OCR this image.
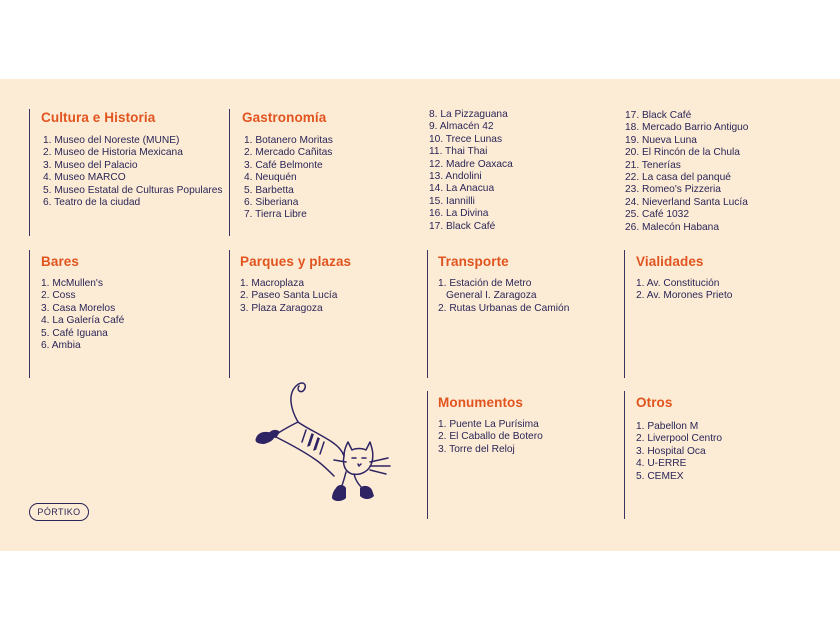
Cultura e Historia
1. Museo del Noreste (MUNE)
2. Museo de Historia Mexicana
3. Museo del Palacio
4. Museo MARCO
5. Museo Estatal de Culturas Populares
6. Teatro de la ciudad
Gastronomía
1. Botanero Moritas
2. Mercado Cañitas
3. Café Belmonte
4. Neuquén
5. Barbetta
6. Siberiana
7. Tierra Libre
8. La Pizzaguana
9. Almacén 42
10. Trece Lunas
11. Thai Thai
12. Madre Oaxaca
13. Andolini
14. La Anacua
15. Iannilli
16. La Divina
17. Black Café
17. Black Café
18. Mercado Barrio Antiguo
19. Nueva Luna
20. El Rincón de la Chula
21. Tenerías
22. La casa del panqué
23. Romeo's Pizzeria
24. Nieverland Santa Lucía
25. Café 1032
26. Malecón Habana
Bares
1. McMullen's
2. Coss
3. Casa Morelos
4. La Galería Café
5. Café Iguana
6. Ambia
Parques y plazas
1. Macroplaza
2. Paseo Santa Lucía
3. Plaza Zaragoza
Transporte
1. Estación de Metro
General I. Zaragoza
2. Rutas Urbanas de Camión
Vialidades
1. Av. Constitución
2. Av. Morones Prieto
Monumentos
1. Puente La Purísima
2. El Caballo de Botero
3. Torre del Reloj
Otros
1. Pabellon M
2. Liverpool Centro
3. Hospital Oca
4. U-ERRE
5. CEMEX
PÓRTIKO
